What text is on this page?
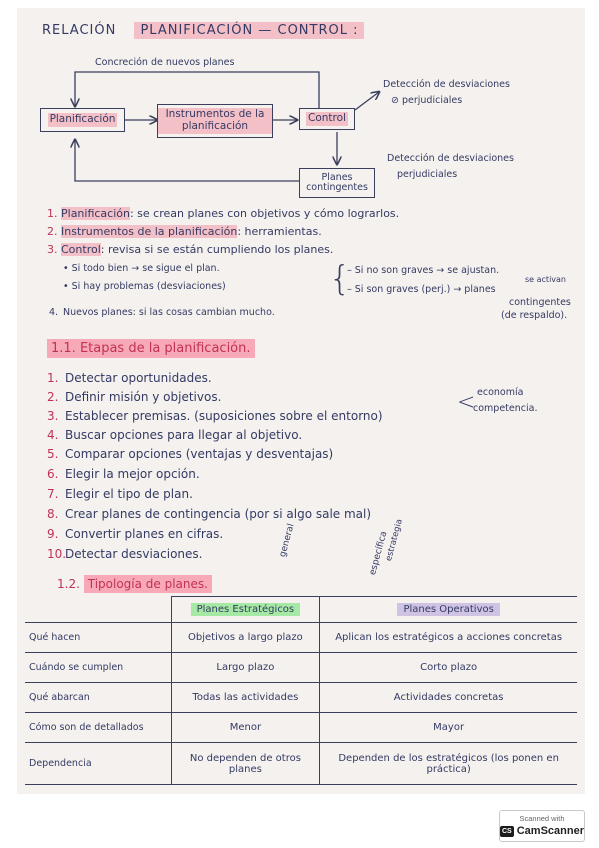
RELACIÓN PLANIFICACIÓN — CONTROL :
Concreción de nuevos planes
Planificación	Instrumentos de la planificación
Control
Planes contingentes
Detección de desviaciones
⊘ perjudiciales
Detección de desviaciones
perjudiciales
1. Planificación: se crean planes con objetivos y cómo lograrlos.
2. Instrumentos de la planificación: herramientas.
3. Control: revisa si se están cumpliendo los planes.
• Si todo bien → se sigue el plan.
• Si hay problemas (desviaciones)	{
– Si no son graves → se ajustan.
se activan
– Si son graves (perj.) → planes
contingentes
(de respaldo).
4. Nuevos planes: si las cosas cambian mucho.
1.1. Etapas de la planificación.
1. Detectar oportunidades.
2. Definir misión y objetivos.
3. Establecer premisas. (suposiciones sobre el entorno)
4. Buscar opciones para llegar al objetivo.
5. Comparar opciones (ventajas y desventajas)
6. Elegir la mejor opción.
7. Elegir el tipo de plan.
8. Crear planes de contingencia (por si algo sale mal)
9. Convertir planes en cifras.
10.Detectar desviaciones.
< economía
competencia.
1.2. Tipología de planes.
general	específica
estrategia
	Planes Estratégicos	Planes Operativos
Qué hacen	Objetivos a largo plazo	Aplican los estratégicos a acciones concretas
Cuándo se cumplen	Largo plazo	Corto plazo
Qué abarcan	Todas las actividades	Actividades concretas
Cómo son de detallados	Menor	Mayor
Dependencia	No dependen de otros planes	Dependen de los estratégicos (los ponen en práctica)
Scanned with
CS CamScanner
